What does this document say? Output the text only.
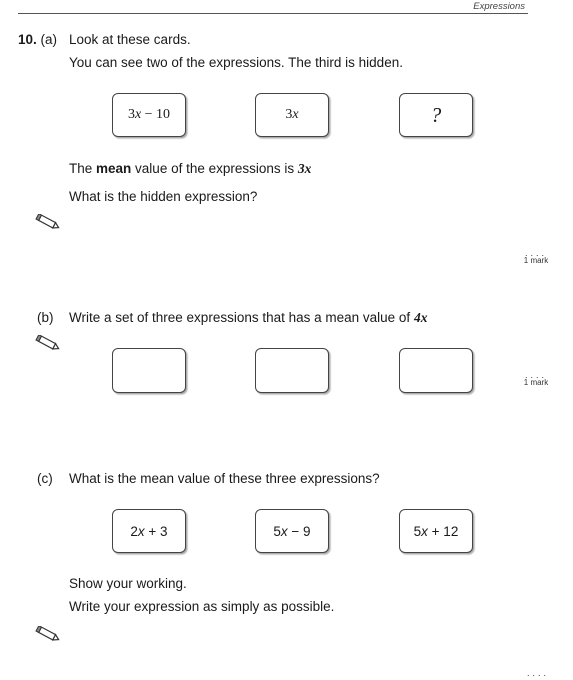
Expressions
10. (a) Look at these cards.
You can see two of the expressions. The third is hidden.
3x − 10	3x	?
The mean value of the expressions is 3x
What is the hidden expression?
....
1 mark
(b) Write a set of three expressions that has a mean value of 4x
....
1 mark
(c) What is the mean value of these three expressions?
2x + 3	5x − 9	5x + 12
Show your working.
Write your expression as simply as possible.
....
